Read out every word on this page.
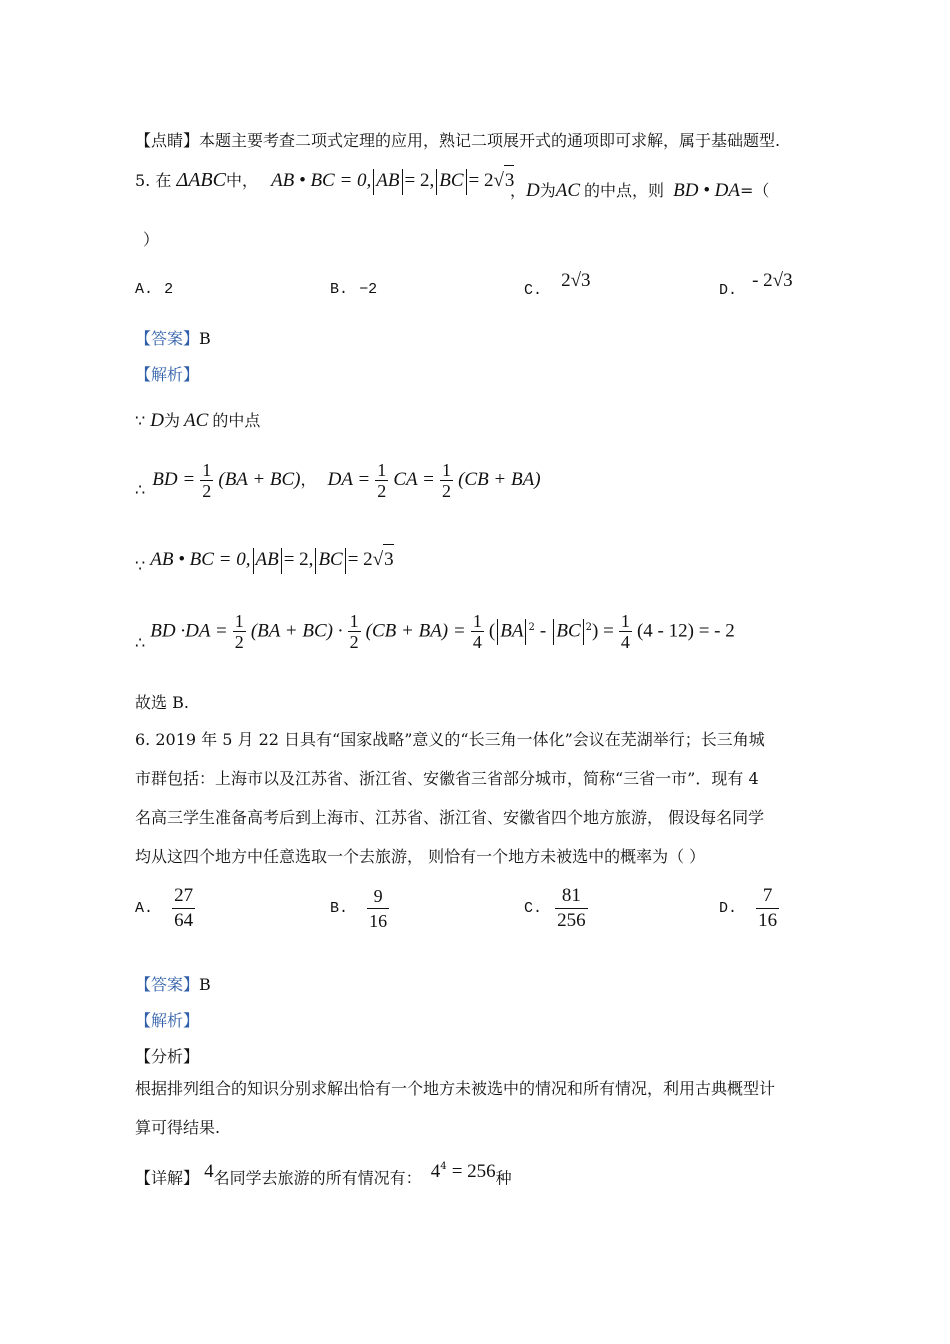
【点睛】本题主要考查二项式定理的应用，熟记二项展开式的通项即可求解，属于基础题型.
5. 在 ΔABC中， AB • BC = 0, AB = 2, BC = 2√3
，D为AC 的中点，则 BD • DA=（
）
A. 2	B. −2	C. 2√3	D. - 2√3
【答案】B
【解析】
∵ D为 AC 的中点
∴ BD = $\frac{1}{2} (BA + BC)$， DA = $\frac{1}{2}$ CA = $\frac{1}{2} (CB + BA)$
∵ AB • BC = 0, AB = 2, BC = 2√3
∴ BD $\cdot DA = \frac{1}{2} (BA + BC) \cdot \frac{1}{2} (CB + BA) = \frac{1}{4}$ ( BA $^2$ - BC $^2) = \frac{1}{4} (4 - 12)$ = - 2
故选 B.
6. 2019 年 5 月 22 日具有“国家战略”意义的“长三角一体化”会议在芜湖举行；长三角城
市群包括：上海市以及江苏省、浙江省、安徽省三省部分城市，简称“三省一市”．现有 4
名高三学生准备高考后到上海市、江苏省、浙江省、安徽省四个地方旅游， 假设每名同学
均从这四个地方中任意选取一个去旅游， 则恰有一个地方未被选中的概率为（ ）
A. $\frac{27}{64}$	B. $\frac{9}{16}$	C. $\frac{81}{256}$	D. $\frac{7}{16}$
【答案】B
【解析】
【分析】
根据排列组合的知识分别求解出恰有一个地方未被选中的情况和所有情况，利用古典概型计
算可得结果.
【详解】 4名同学去旅游的所有情况有： $4^4 = 256$种
